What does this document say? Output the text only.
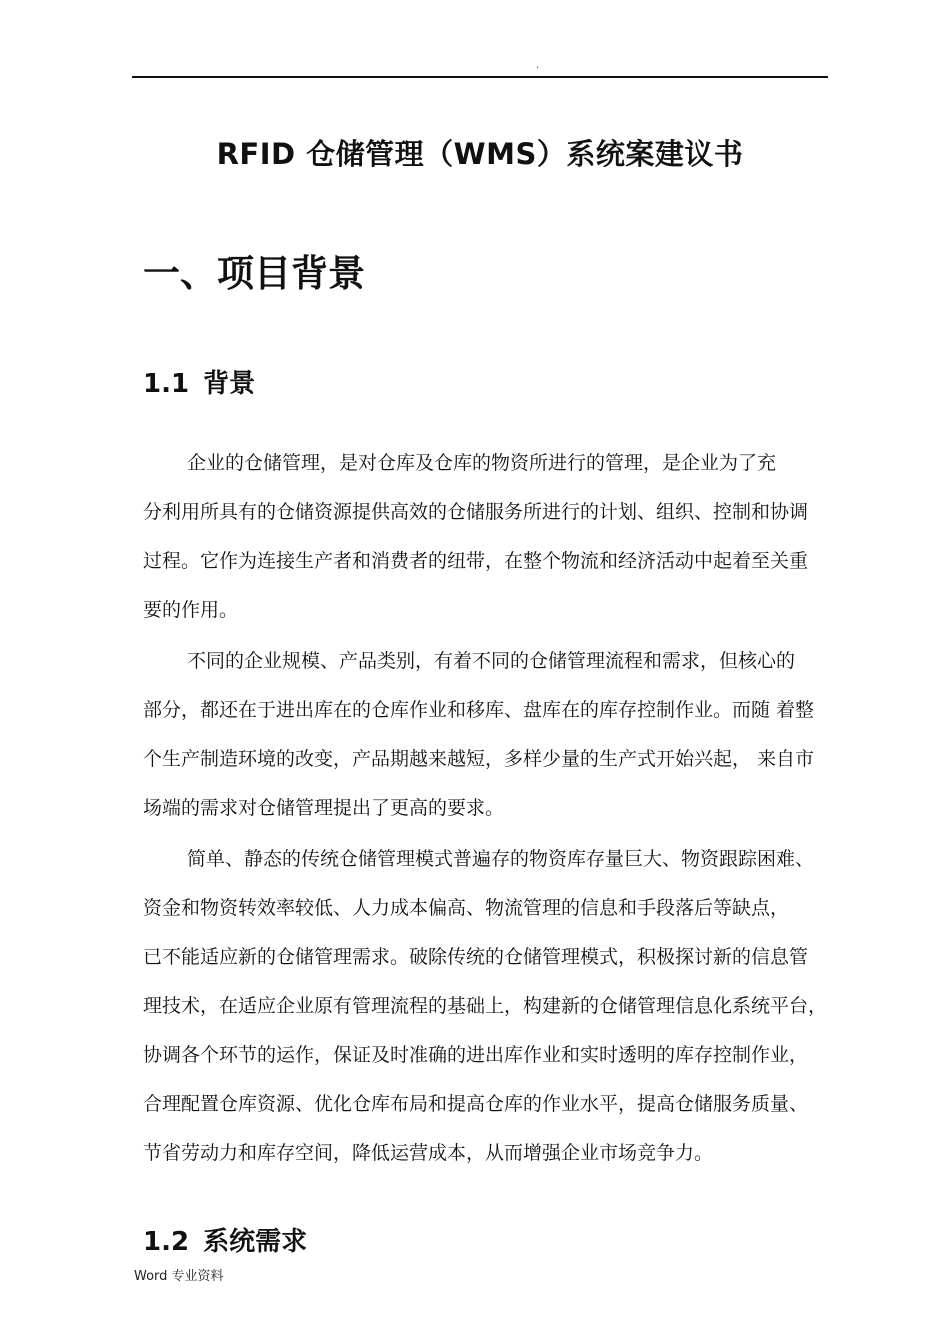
.
RFID 仓储管理（WMS）系统案建议书
一、项目背景
1.1 背景

企业的仓储管理，是对仓库及仓库的物资所进行的管理，是企业为了充

分利用所具有的仓储资源提供高效的仓储服务所进行的计划、组织、控制和协调

过程。它作为连接生产者和消费者的纽带，在整个物流和经济活动中起着至关重

要的作用。

不同的企业规模、产品类别，有着不同的仓储管理流程和需求，但核心的

部分，都还在于进出库在的仓库作业和移库、盘库在的库存控制作业。而随 着整

个生产制造环境的改变，产品期越来越短，多样少量的生产式开始兴起， 来自市

场端的需求对仓储管理提出了更高的要求。

简单、静态的传统仓储管理模式普遍存的物资库存量巨大、物资跟踪困难、

资金和物资转效率较低、人力成本偏高、物流管理的信息和手段落后等缺点，

已不能适应新的仓储管理需求。破除传统的仓储管理模式，积极探讨新的信息管

理技术，在适应企业原有管理流程的基础上，构建新的仓储管理信息化系统平台，

协调各个环节的运作，保证及时准确的进出库作业和实时透明的库存控制作业，

合理配置仓库资源、优化仓库布局和提高仓库的作业水平，提高仓储服务质量、

节省劳动力和库存空间，降低运营成本，从而增强企业市场竞争力。

1.2 系统需求
Word 专业资料
